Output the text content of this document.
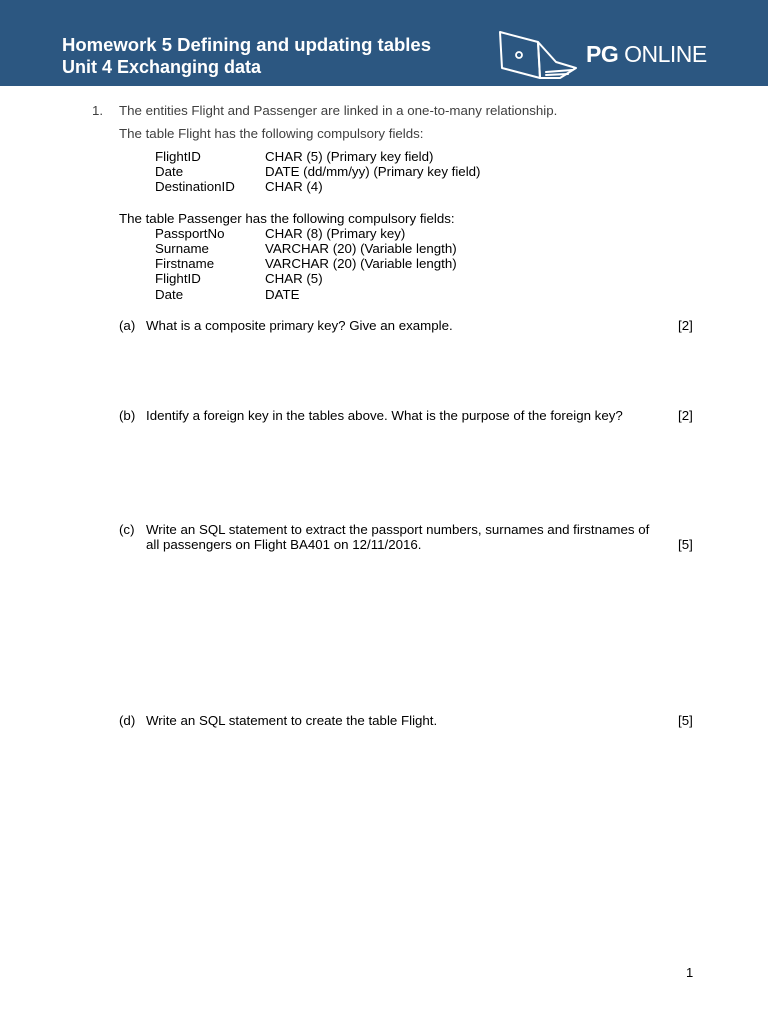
Homework 5 Defining and updating tables
Unit 4 Exchanging data	PG ONLINE
1. The entities Flight and Passenger are linked in a one-to-many relationship.
The table Flight has the following compulsory fields:
FlightID	CHAR (5) (Primary key field)
Date	DATE (dd/mm/yy) (Primary key field)
DestinationID CHAR (4)
The table Passenger has the following compulsory fields:
PassportNo	CHAR (8) (Primary key)
Surname	VARCHAR (20) (Variable length)
Firstname	VARCHAR (20) (Variable length)
FlightID	CHAR (5)
Date	DATE
(a) What is a composite primary key? Give an example.	[2]
(b) Identify a foreign key in the tables above. What is the purpose of the foreign key?	[2]
(c) Write an SQL statement to extract the passport numbers, surnames and firstnames of
all passengers on Flight BA401 on 12/11/2016.	[5]
(d) Write an SQL statement to create the table Flight.	[5]
1
